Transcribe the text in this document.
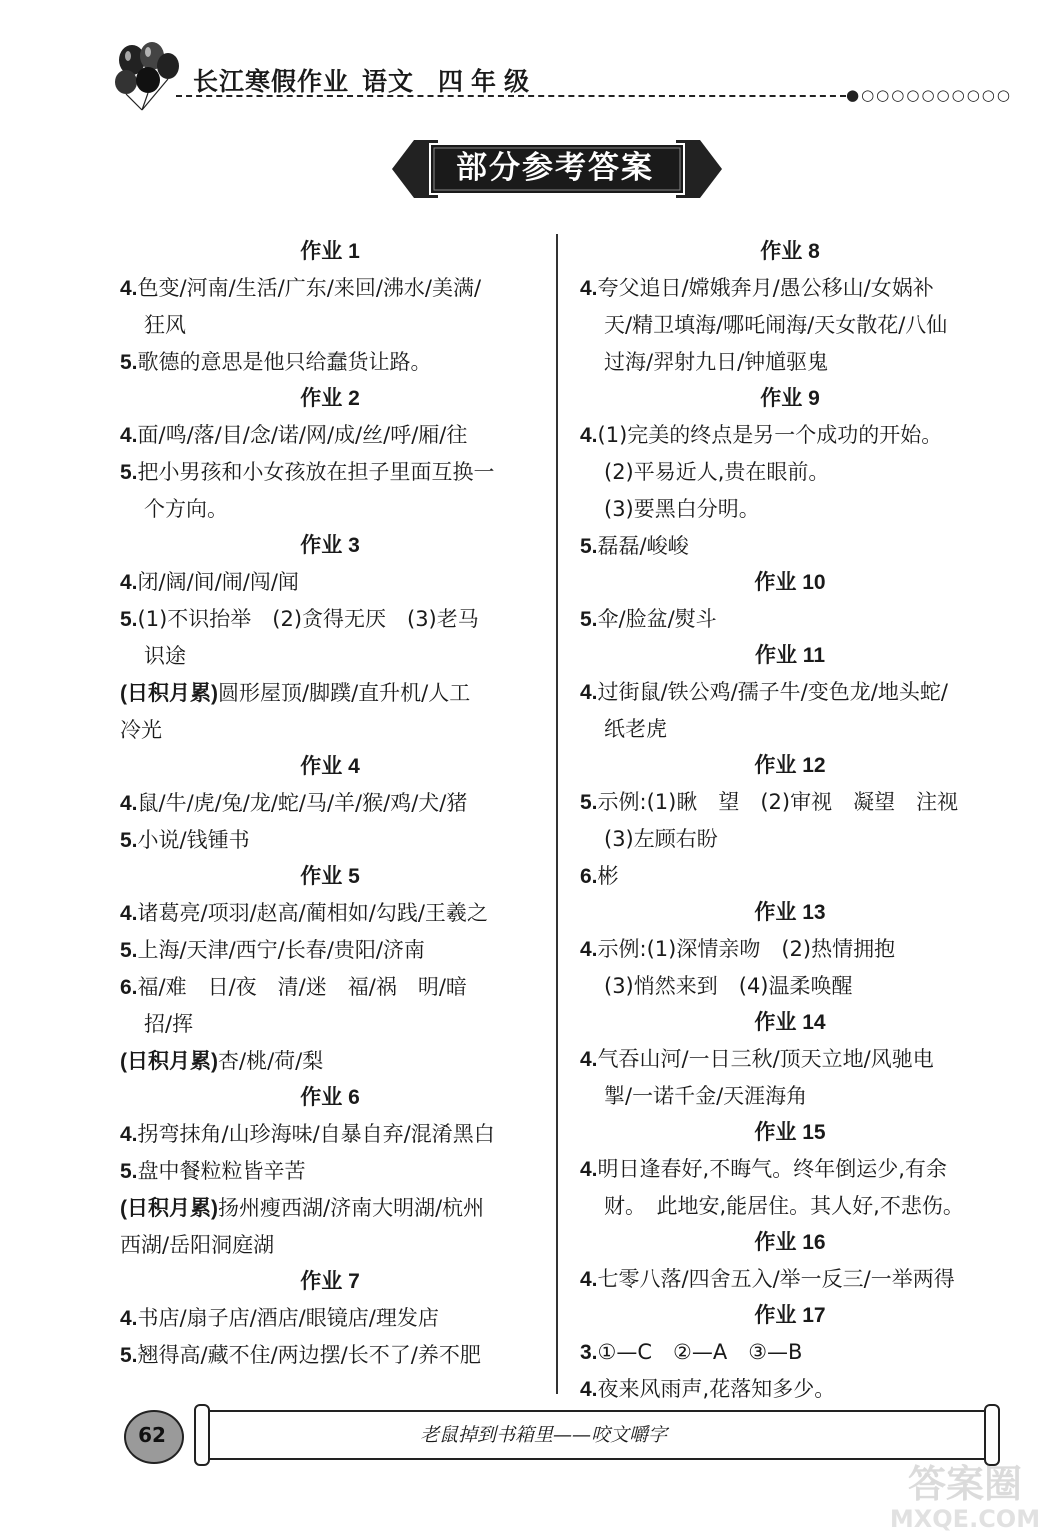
长江寒假作业 语文 四年级	●○○○○○○○○○○
部分参考答案
作业 1
4.色变/河南/生活/广东/来回/沸水/美满/
狂风
5.歌德的意思是他只给蠢货让路。
作业 2
4.面/鸣/落/目/念/诺/网/成/丝/呼/厢/往
5.把小男孩和小女孩放在担子里面互换一
个方向。
作业 3
4.闭/阔/间/闹/闯/闻
5.(1)不识抬举　(2)贪得无厌　(3)老马
识途
(日积月累)圆形屋顶/脚蹼/直升机/人工
冷光
作业 4
4.鼠/牛/虎/兔/龙/蛇/马/羊/猴/鸡/犬/猪
5.小说/钱锺书
作业 5
4.诸葛亮/项羽/赵高/蔺相如/勾践/王羲之
5.上海/天津/西宁/长春/贵阳/济南
6.福/难　日/夜　清/迷　福/祸　明/暗
招/挥
(日积月累)杏/桃/荷/梨
作业 6
4.拐弯抹角/山珍海味/自暴自弃/混淆黑白
5.盘中餐粒粒皆辛苦
(日积月累)扬州瘦西湖/济南大明湖/杭州
西湖/岳阳洞庭湖
作业 7
4.书店/扇子店/酒店/眼镜店/理发店
5.翘得高/藏不住/两边摆/长不了/养不肥
作业 8
4.夸父追日/嫦娥奔月/愚公移山/女娲补
天/精卫填海/哪吒闹海/天女散花/八仙
过海/羿射九日/钟馗驱鬼
作业 9
4.(1)完美的终点是另一个成功的开始。
(2)平易近人,贵在眼前。
(3)要黑白分明。
5.磊磊/峻峻
作业 10
5.伞/脸盆/熨斗
作业 11
4.过街鼠/铁公鸡/孺子牛/变色龙/地头蛇/
纸老虎
作业 12
5.示例:(1)瞅　望　(2)审视　凝望　注视
(3)左顾右盼
6.彬
作业 13
4.示例:(1)深情亲吻　(2)热情拥抱
(3)悄然来到　(4)温柔唤醒
作业 14
4.气吞山河/一日三秋/顶天立地/风驰电
掣/一诺千金/天涯海角
作业 15
4.明日逢春好,不晦气。终年倒运少,有余
财。　此地安,能居住。其人好,不悲伤。
作业 16
4.七零八落/四舍五入/举一反三/一举两得
作业 17
3.①—C　②—A　③—B
4.夜来风雨声,花落知多少。
62	老鼠掉到书箱里——咬文嚼字
答案圈
MXQE.COM
